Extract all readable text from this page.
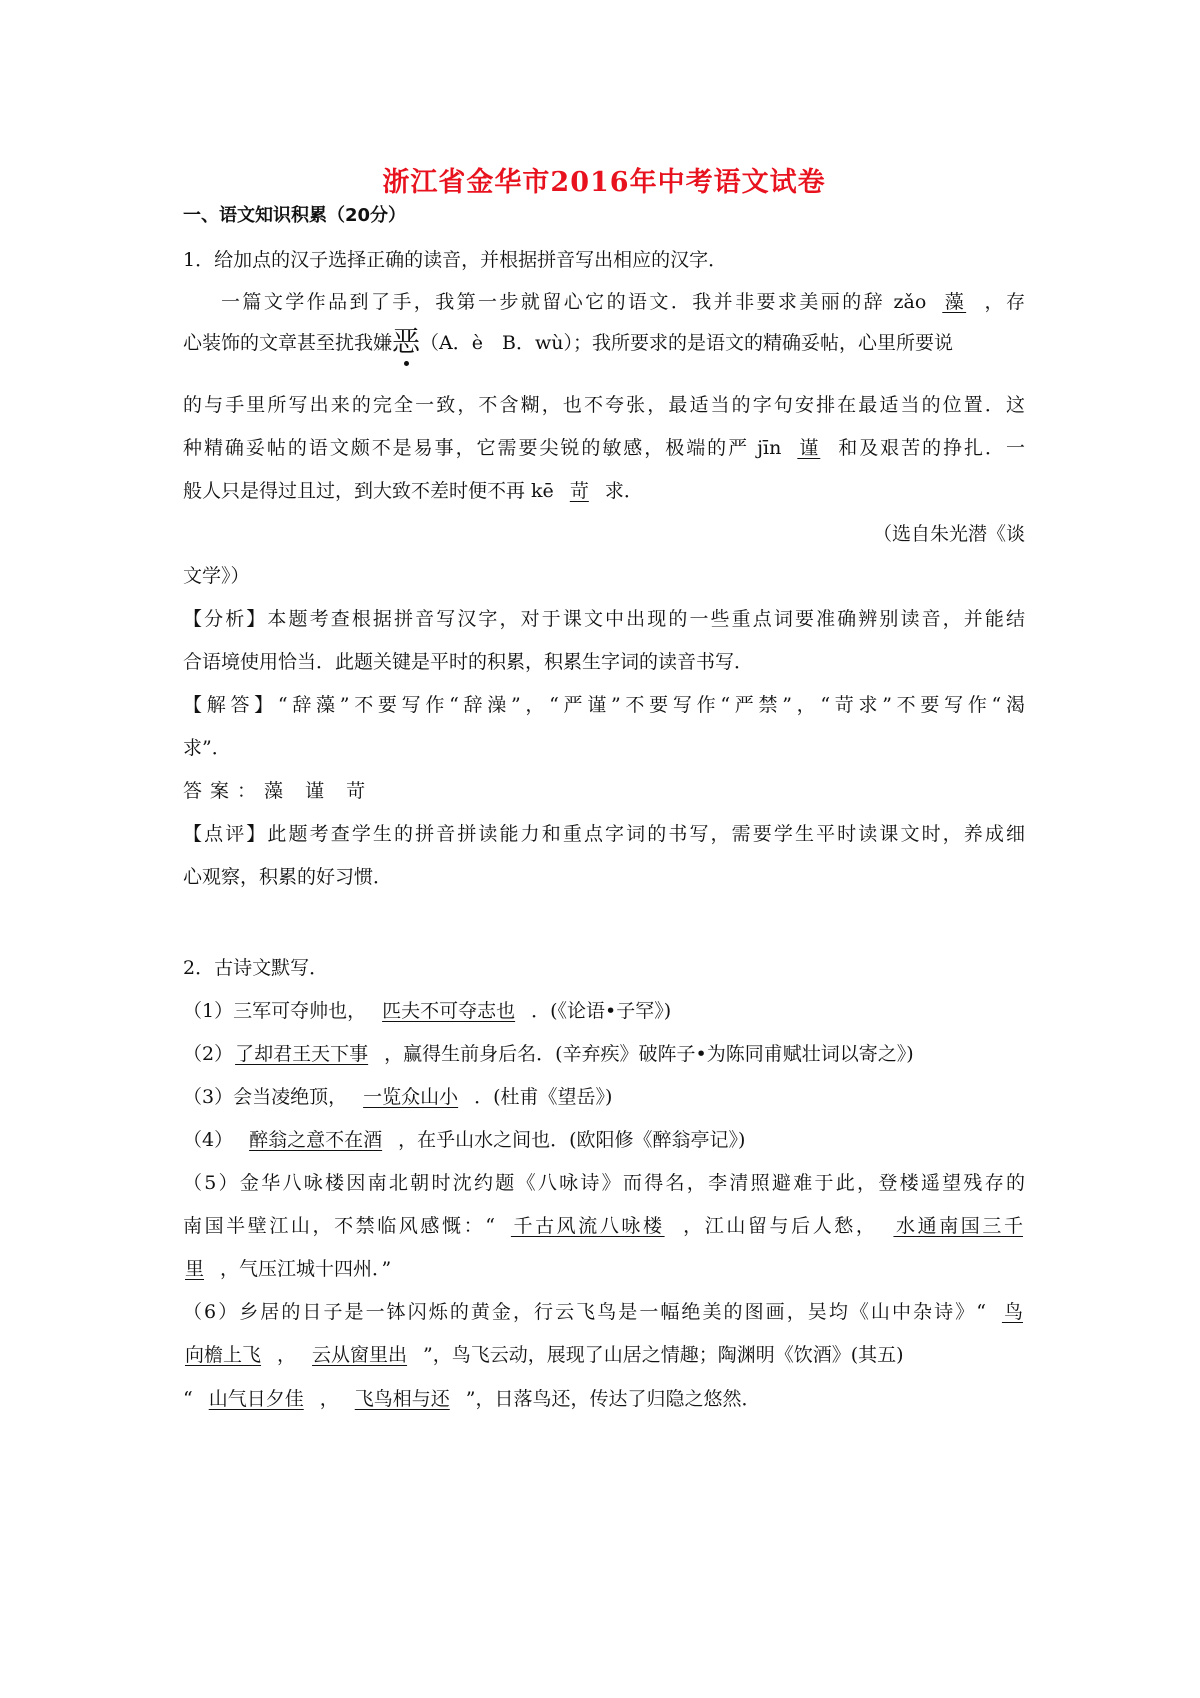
浙江省金华市2016年中考语文试卷
一、语文知识积累（20分）
1．给加点的汉子选择正确的读音，并根据拼音写出相应的汉字．
一篇文学作品到了手，我第一步就留心它的语文．我并非要求美丽的辞 zǎo 藻 ，存
心装饰的文章甚至扰我嫌恶（A．è　B．wù）；我所要求的是语文的精确妥帖，心里所要说
的与手里所写出来的完全一致，不含糊，也不夸张，最适当的字句安排在最适当的位置．这
种精确妥帖的语文颇不是易事，它需要尖锐的敏感，极端的严 jīn 谨 和及艰苦的挣扎．一
般人只是得过且过，到大致不差时便不再 kē 苛 求．
（选自朱光潜《谈
文学》）
【分析】本题考查根据拼音写汉字，对于课文中出现的一些重点词要准确辨别读音，并能结
合语境使用恰当．此题关键是平时的积累，积累生字词的读音书写．
【解答】“辞藻”不要写作“辞澡”，“严谨”不要写作“严禁”，“苛求”不要写作“渴
求”．
答案：藻 谨 苛
【点评】此题考查学生的拼音拼读能力和重点字词的书写，需要学生平时读课文时，养成细
心观察，积累的好习惯．
2．古诗文默写．
（1）三军可夺帅也， 匹夫不可夺志也 ．(《论语•子罕》)
（2） 了却君王天下事 ，赢得生前身后名．(辛弃疾》破阵子•为陈同甫赋壮词以寄之》)
（3）会当凌绝顶， 一览众山小 ．(杜甫《望岳》)
（4） 醉翁之意不在酒 ，在乎山水之间也．(欧阳修《醉翁亭记》)
（5）金华八咏楼因南北朝时沈约题《八咏诗》而得名，李清照避难于此，登楼遥望残存的
南国半壁江山，不禁临风感慨：“ 千古风流八咏楼 ，江山留与后人愁， 水通南国三千
里 ，气压江城十四州．”
（6）乡居的日子是一钵闪烁的黄金，行云飞鸟是一幅绝美的图画，吴均《山中杂诗》“ 鸟
向檐上飞 ， 云从窗里出 ”，鸟飞云动，展现了山居之情趣；陶渊明《饮酒》(其五)
“ 山气日夕佳 ， 飞鸟相与还 ”，日落鸟还，传达了归隐之悠然．
